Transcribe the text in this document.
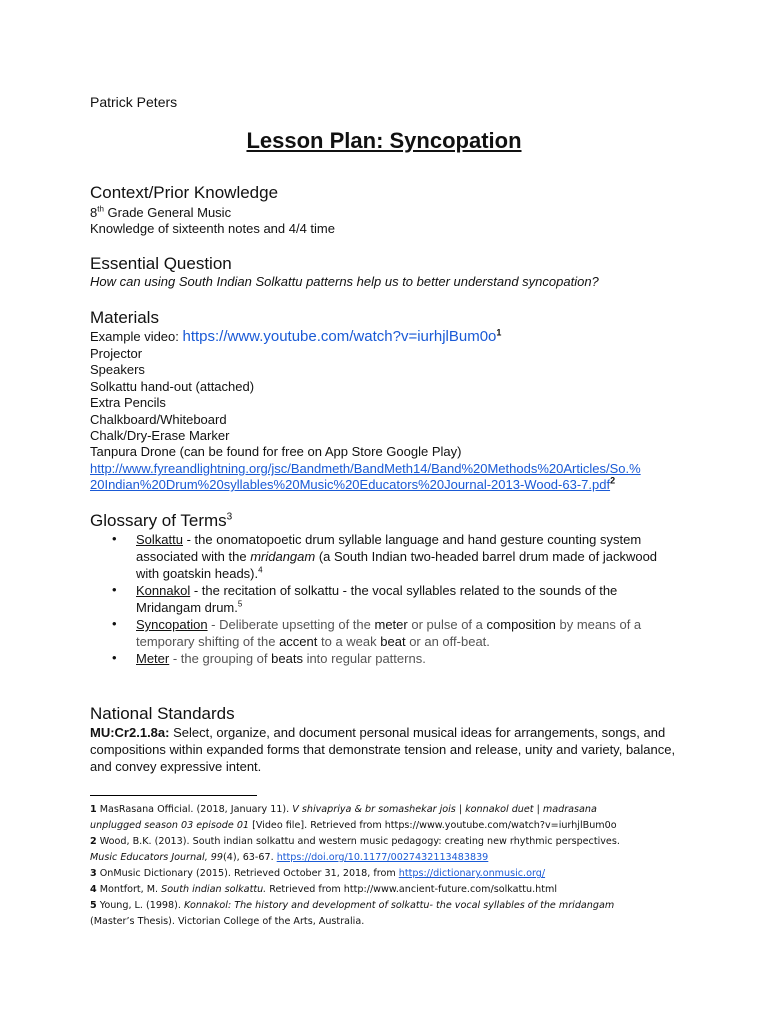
Patrick Peters
Lesson Plan: Syncopation
Context/Prior Knowledge
8th Grade General Music
Knowledge of sixteenth notes and 4/4 time
Essential Question
How can using South Indian Solkattu patterns help us to better understand syncopation?
Materials
Example video: https://www.youtube.com/watch?v=iurhjlBum0o$^1$
Projector
Speakers
Solkattu hand-out (attached)
Extra Pencils
Chalkboard/Whiteboard
Chalk/Dry-Erase Marker
Tanpura Drone (can be found for free on App Store Google Play)
http://www.fyreandlightning.org/jsc/Bandmeth/BandMeth14/Band%20Methods%20Articles/So.%
20Indian%20Drum%20syllables%20Music%20Educators%20Journal-2013-Wood-63-7.pdf$^2$
Glossary of Terms$^3$
• Solkattu - the onomatopoetic drum syllable language and hand gesture counting system associated with the mridangam (a South Indian two-headed barrel drum made of jackwood with goatskin heads).$^4$
• Konnakol - the recitation of solkattu - the vocal syllables related to the sounds of the Mridangam drum.$^5$
• Syncopation - Deliberate upsetting of the meter or pulse of a composition by means of a temporary shifting of the accent to a weak beat or an off-beat.
• Meter - the grouping of beats into regular patterns.
National Standards
MU:Cr2.1.8a: Select, organize, and document personal musical ideas for arrangements, songs, and compositions within expanded forms that demonstrate tension and release, unity and variety, balance, and convey expressive intent.
1 MasRasana Official. (2018, January 11). V shivapriya & br somashekar jois | konnakol duet | madrasana
unplugged season 03 episode 01 [Video file]. Retrieved from https://www.youtube.com/watch?v=iurhjlBum0o
2 Wood, B.K. (2013). South indian solkattu and western music pedagogy: creating new rhythmic perspectives.
Music Educators Journal, 99(4), 63-67. https://doi.org/10.1177/0027432113483839
3 OnMusic Dictionary (2015). Retrieved October 31, 2018, from https://dictionary.onmusic.org/
4 Montfort, M. South indian solkattu. Retrieved from http://www.ancient-future.com/solkattu.html
5 Young, L. (1998). Konnakol: The history and development of solkattu- the vocal syllables of the mridangam
(Master’s Thesis). Victorian College of the Arts, Australia.
